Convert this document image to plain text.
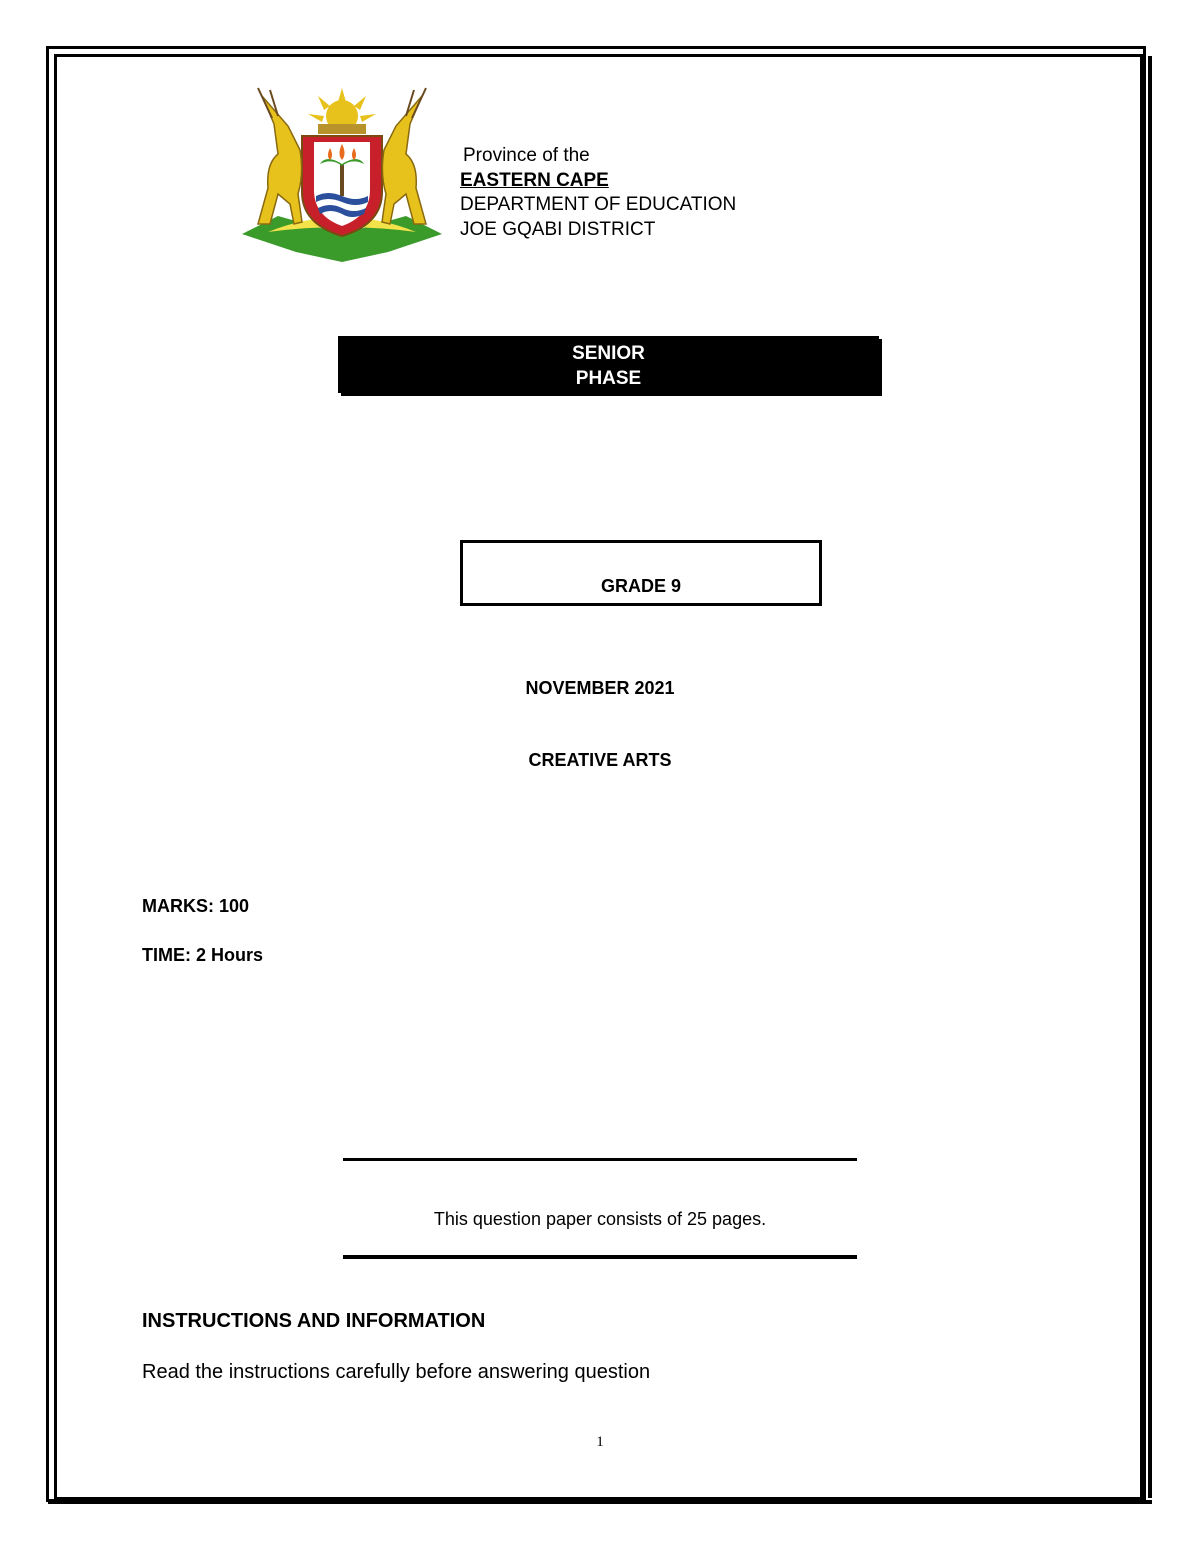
Province of the
EASTERN CAPE
DEPARTMENT OF EDUCATION
JOE GQABI DISTRICT
SENIOR
PHASE
GRADE 9
NOVEMBER 2021
CREATIVE ARTS
MARKS: 100
TIME: 2 Hours
This question paper consists of 25 pages.
INSTRUCTIONS AND INFORMATION
Read the instructions carefully before answering question
1
